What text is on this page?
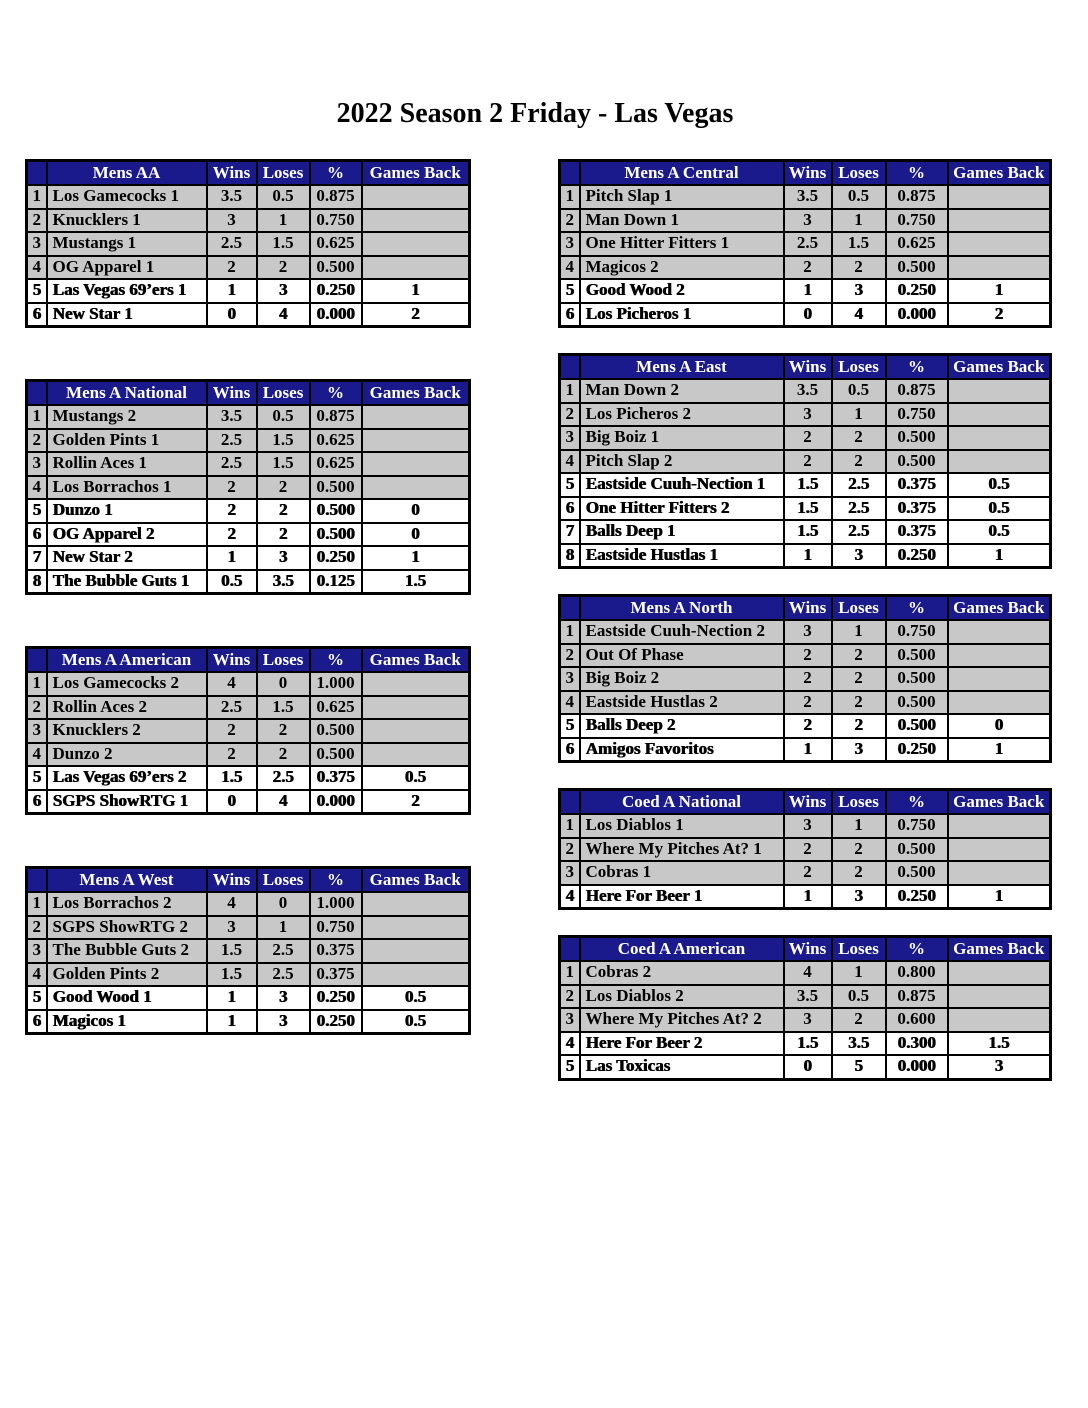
2022 Season 2 Friday - Las Vegas
	Mens AA	Wins	Loses	%	Games Back
1	Los Gamecocks 1	3.5	0.5	0.875	
2	Knucklers 1	3	1	0.750	
3	Mustangs 1	2.5	1.5	0.625	
4	OG Apparel 1	2	2	0.500	
5	Las Vegas 69’ers 1	1	3	0.250	1
6	New Star 1	0	4	0.000	2
	Mens A National	Wins	Loses	%	Games Back
1	Mustangs 2	3.5	0.5	0.875	
2	Golden Pints 1	2.5	1.5	0.625	
3	Rollin Aces 1	2.5	1.5	0.625	
4	Los Borrachos 1	2	2	0.500	
5	Dunzo 1	2	2	0.500	0
6	OG Apparel 2	2	2	0.500	0
7	New Star 2	1	3	0.250	1
8	The Bubble Guts 1	0.5	3.5	0.125	1.5
	Mens A American	Wins	Loses	%	Games Back
1	Los Gamecocks 2	4	0	1.000	
2	Rollin Aces 2	2.5	1.5	0.625	
3	Knucklers 2	2	2	0.500	
4	Dunzo 2	2	2	0.500	
5	Las Vegas 69’ers 2	1.5	2.5	0.375	0.5
6	SGPS ShowRTG 1	0	4	0.000	2
	Mens A West	Wins	Loses	%	Games Back
1	Los Borrachos 2	4	0	1.000	
2	SGPS ShowRTG 2	3	1	0.750	
3	The Bubble Guts 2	1.5	2.5	0.375	
4	Golden Pints 2	1.5	2.5	0.375	
5	Good Wood 1	1	3	0.250	0.5
6	Magicos 1	1	3	0.250	0.5
	Mens A Central	Wins	Loses	%	Games Back
1	Pitch Slap 1	3.5	0.5	0.875	
2	Man Down 1	3	1	0.750	
3	One Hitter Fitters 1	2.5	1.5	0.625	
4	Magicos 2	2	2	0.500	
5	Good Wood 2	1	3	0.250	1
6	Los Picheros 1	0	4	0.000	2
	Mens A East	Wins	Loses	%	Games Back
1	Man Down 2	3.5	0.5	0.875	
2	Los Picheros 2	3	1	0.750	
3	Big Boiz 1	2	2	0.500	
4	Pitch Slap 2	2	2	0.500	
5	Eastside Cuuh-Nection 1	1.5	2.5	0.375	0.5
6	One Hitter Fitters 2	1.5	2.5	0.375	0.5
7	Balls Deep 1	1.5	2.5	0.375	0.5
8	Eastside Hustlas 1	1	3	0.250	1
	Mens A North	Wins	Loses	%	Games Back
1	Eastside Cuuh-Nection 2	3	1	0.750	
2	Out Of Phase	2	2	0.500	
3	Big Boiz 2	2	2	0.500	
4	Eastside Hustlas 2	2	2	0.500	
5	Balls Deep 2	2	2	0.500	0
6	Amigos Favoritos	1	3	0.250	1
	Coed A National	Wins	Loses	%	Games Back
1	Los Diablos 1	3	1	0.750	
2	Where My Pitches At? 1	2	2	0.500	
3	Cobras 1	2	2	0.500	
4	Here For Beer 1	1	3	0.250	1
	Coed A American	Wins	Loses	%	Games Back
1	Cobras 2	4	1	0.800	
2	Los Diablos 2	3.5	0.5	0.875	
3	Where My Pitches At? 2	3	2	0.600	
4	Here For Beer 2	1.5	3.5	0.300	1.5
5	Las Toxicas	0	5	0.000	3
